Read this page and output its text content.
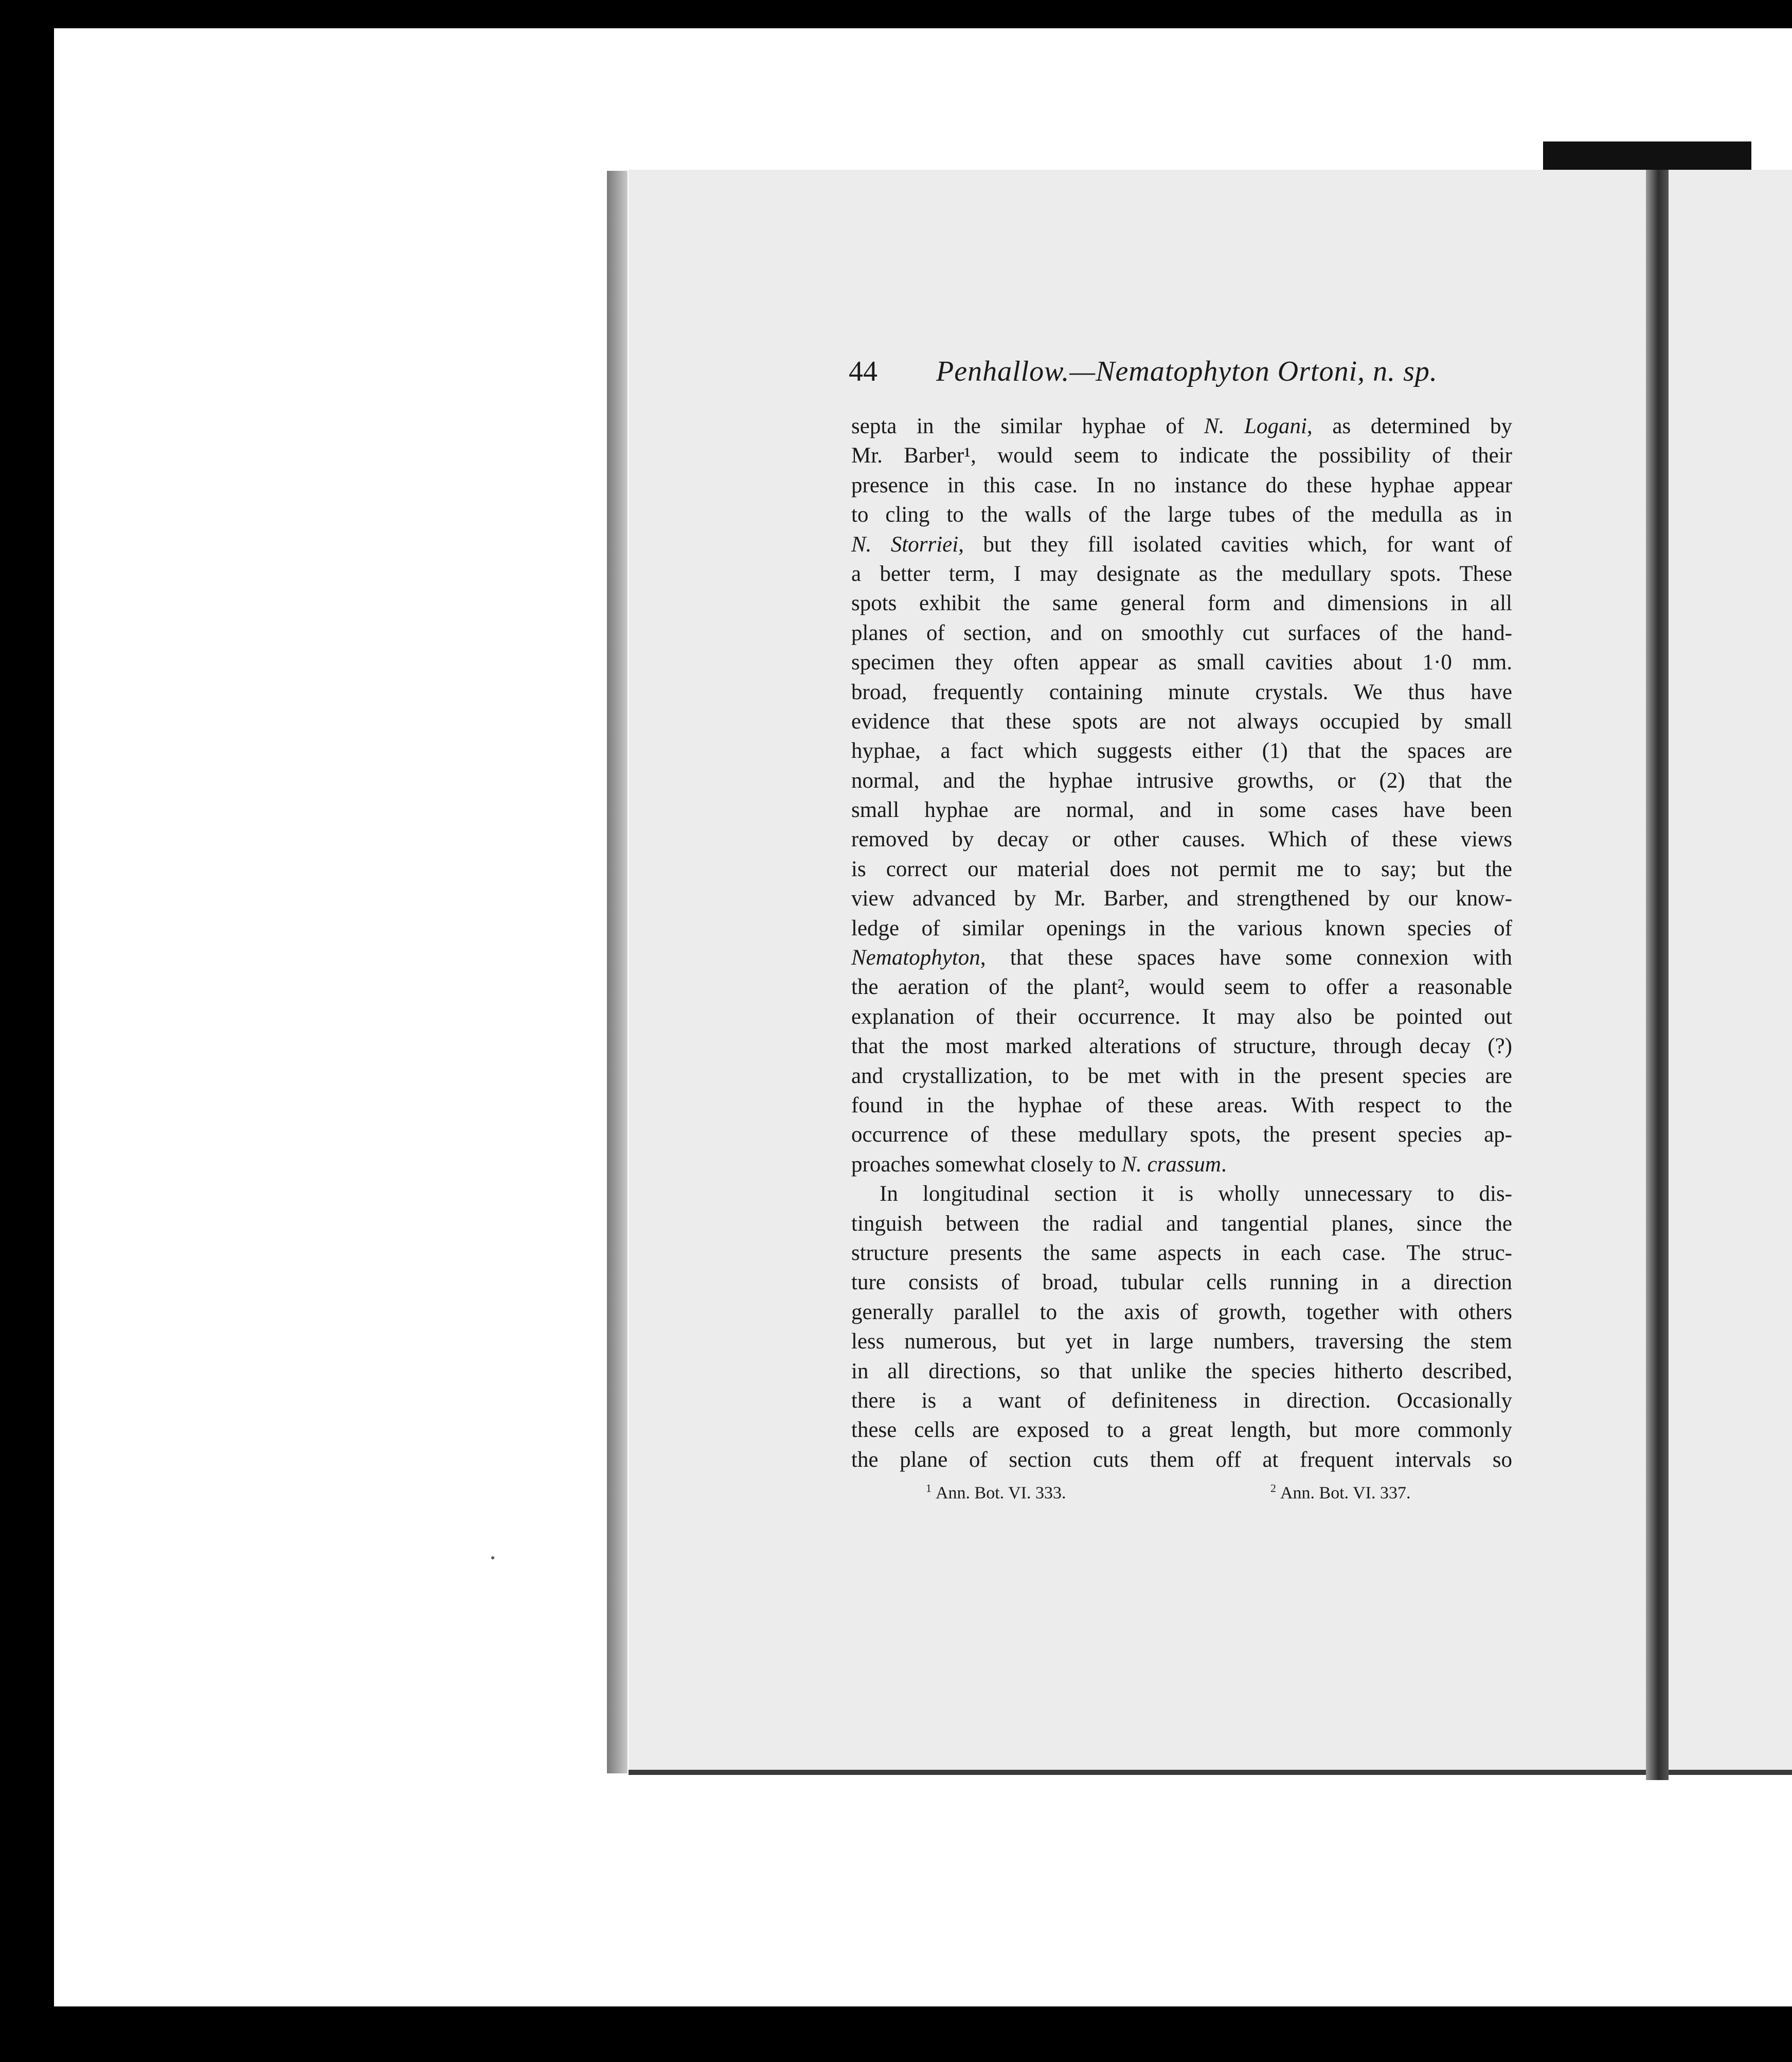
44 Penhallow.—Nematophyton Ortoni, n. sp.
septa in the similar hyphae of N. Logani, as determined by
Mr. Barber¹, would seem to indicate the possibility of their
presence in this case. In no instance do these hyphae appear
to cling to the walls of the large tubes of the medulla as in
N. Storriei, but they fill isolated cavities which, for want of
a better term, I may designate as the medullary spots. These
spots exhibit the same general form and dimensions in all
planes of section, and on smoothly cut surfaces of the hand-
specimen they often appear as small cavities about 1·0 mm.
broad, frequently containing minute crystals. We thus have
evidence that these spots are not always occupied by small
hyphae, a fact which suggests either (1) that the spaces are
normal, and the hyphae intrusive growths, or (2) that the
small hyphae are normal, and in some cases have been
removed by decay or other causes. Which of these views
is correct our material does not permit me to say; but the
view advanced by Mr. Barber, and strengthened by our know-
ledge of similar openings in the various known species of
Nematophyton, that these spaces have some connexion with
the aeration of the plant², would seem to offer a reasonable
explanation of their occurrence. It may also be pointed out
that the most marked alterations of structure, through decay (?)
and crystallization, to be met with in the present species are
found in the hyphae of these areas. With respect to the
occurrence of these medullary spots, the present species ap-
proaches somewhat closely to N. crassum.
In longitudinal section it is wholly unnecessary to dis-
tinguish between the radial and tangential planes, since the
structure presents the same aspects in each case. The struc-
ture consists of broad, tubular cells running in a direction
generally parallel to the axis of growth, together with others
less numerous, but yet in large numbers, traversing the stem
in all directions, so that unlike the species hitherto described,
there is a want of definiteness in direction. Occasionally
these cells are exposed to a great length, but more commonly
the plane of section cuts them off at frequent intervals so
$^1$ Ann. Bot. VI. 333.	$^2$ Ann. Bot. VI. 337.
